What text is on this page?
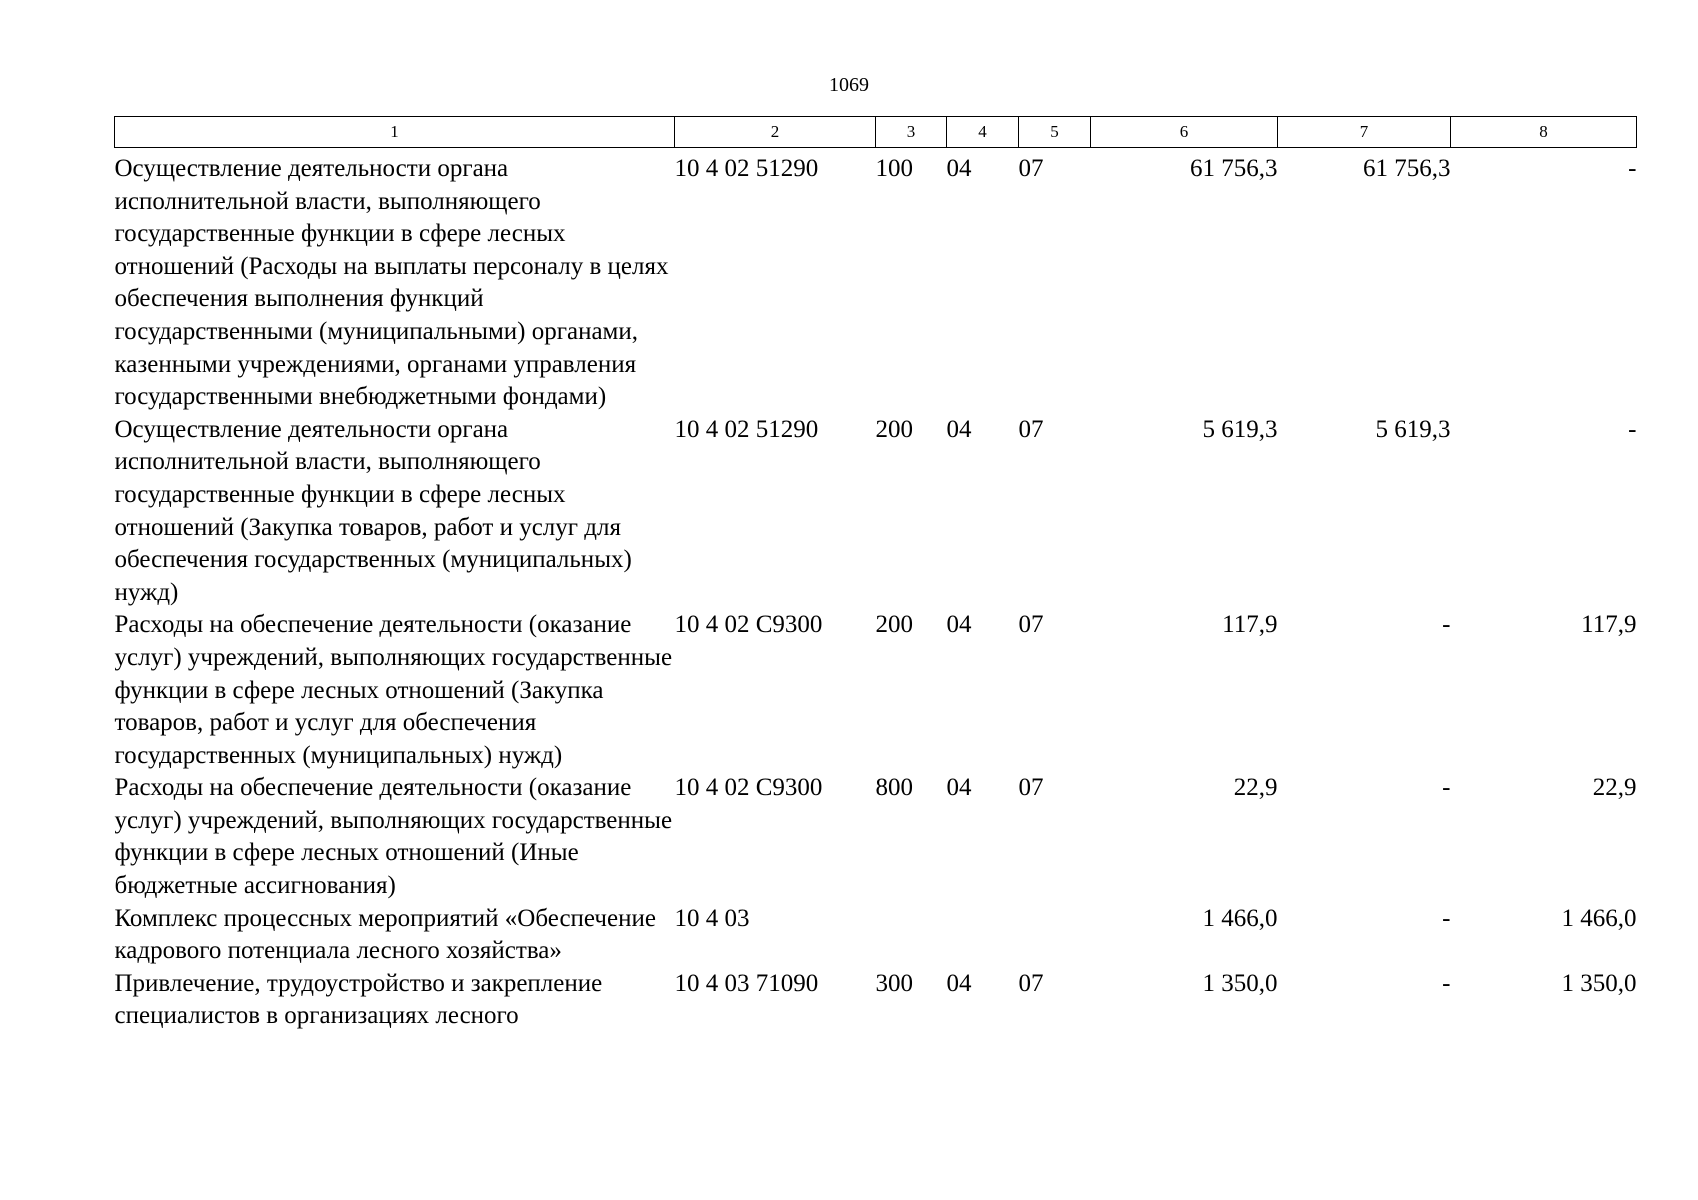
1069
1	2	3	4	5	6	7	8
Осуществление деятельности органа исполнительной власти, выполняющего государственные функции в сфере лесных отношений (Расходы на выплаты персоналу в целях обеспечения выполнения функций государственными (муниципальными) органами, казенными учреждениями, органами управления государственными внебюджетными фондами)	10 4 02 51290	100	04	07	61 756,3	61 756,3	-
Осуществление деятельности органа исполнительной власти, выполняющего государственные функции в сфере лесных отношений (Закупка товаров, работ и услуг для обеспечения государственных (муниципальных) нужд)	10 4 02 51290	200	04	07	5 619,3	5 619,3	-
Расходы на обеспечение деятельности (оказание услуг) учреждений, выполняющих государственные функции в сфере лесных отношений (Закупка товаров, работ и услуг для обеспечения государственных (муниципальных) нужд)	10 4 02 С9300	200	04	07	117,9	-	117,9
Расходы на обеспечение деятельности (оказание услуг) учреждений, выполняющих государственные функции в сфере лесных отношений (Иные бюджетные ассигнования)	10 4 02 С9300	800	04	07	22,9	-	22,9
Комплекс процессных мероприятий «Обеспечение кадрового потенциала лесного хозяйства»	10 4 03				1 466,0	-	1 466,0
Привлечение, трудоустройство и закрепление специалистов в организациях лесного	10 4 03 71090	300	04	07	1 350,0	-	1 350,0
